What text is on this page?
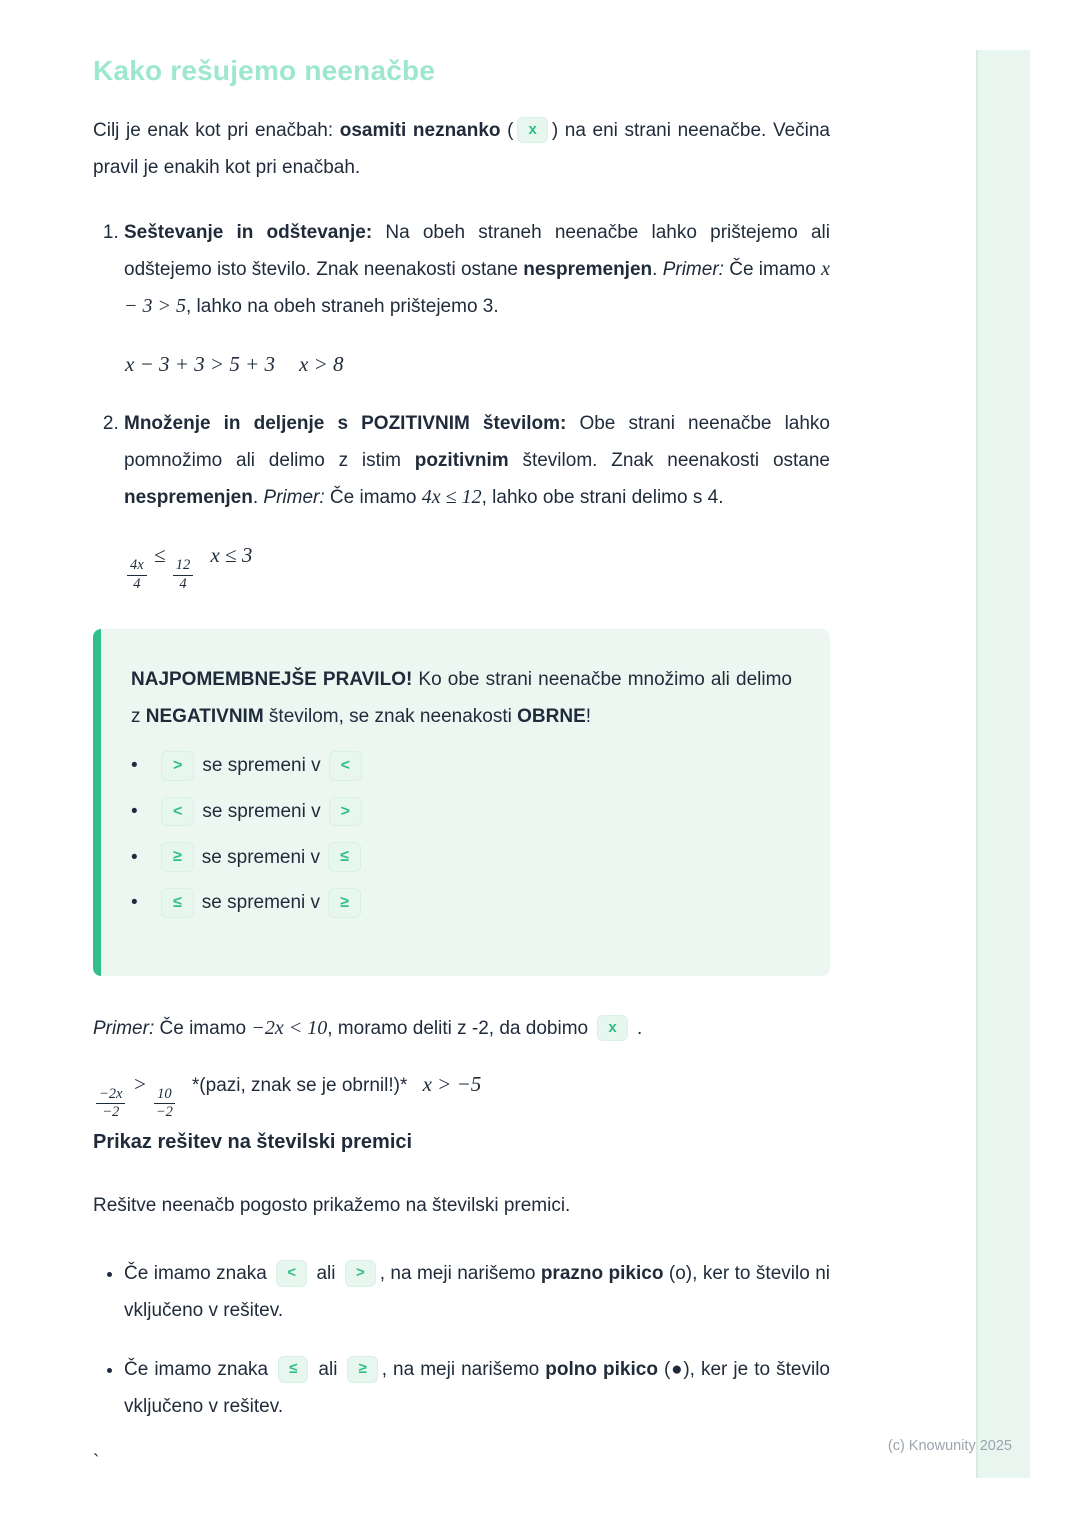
Kako rešujemo neenačbe

Cilj je enak kot pri enačbah: osamiti neznanko ( x ) na eni strani neenačbe. Večina pravil je enakih kot pri enačbah.

1. Seštevanje in odštevanje: Na obeh straneh neenačbe lahko prištejemo ali odštejemo isto število. Znak neenakosti ostane nespremenjen. Primer: Če imamo x − 3 > 5, lahko na obeh straneh prištejemo 3.
x − 3 + 3 > 5 + 3 x > 8
2. Množenje in deljenje s POZITIVNIM številom: Obe strani neenačbe lahko pomnožimo ali delimo z istim pozitivnim številom. Znak neenakosti ostane nespremenjen. Primer: Če imamo 4x ≤ 12, lahko obe strani delimo s 4.
$\frac{4x}{4}$
≤
$\frac{12}{4}$
x ≤ 3

NAJPOMEMBNEJŠE PRAVILO! Ko obe strani neenačbe množimo ali delimo z NEGATIVNIM številom, se znak neenakosti OBRNE!

•	>	se spremeni v	<
•	<	se spremeni v	>
•	≥	se spremeni v	≤
•	≤	se spremeni v	≥

Primer: Če imamo −2x < 10, moramo deliti z -2, da dobimo x .

$\frac{-2x}{-2}$
>
$\frac{10}{-2}$
*(pazi, znak se je obrnil!)* x > −5
Prikaz rešitev na številski premici

Rešitve neenačb pogosto prikažemo na številski premici.

• Če imamo znaka < ali > , na meji narišemo prazno pikico (o), ker to število ni vključeno v rešitev.
• Če imamo znaka ≤ ali ≥ , na meji narišemo polno pikico (●), ker je to število vključeno v rešitev.
`
(c) Knowunity 2025
